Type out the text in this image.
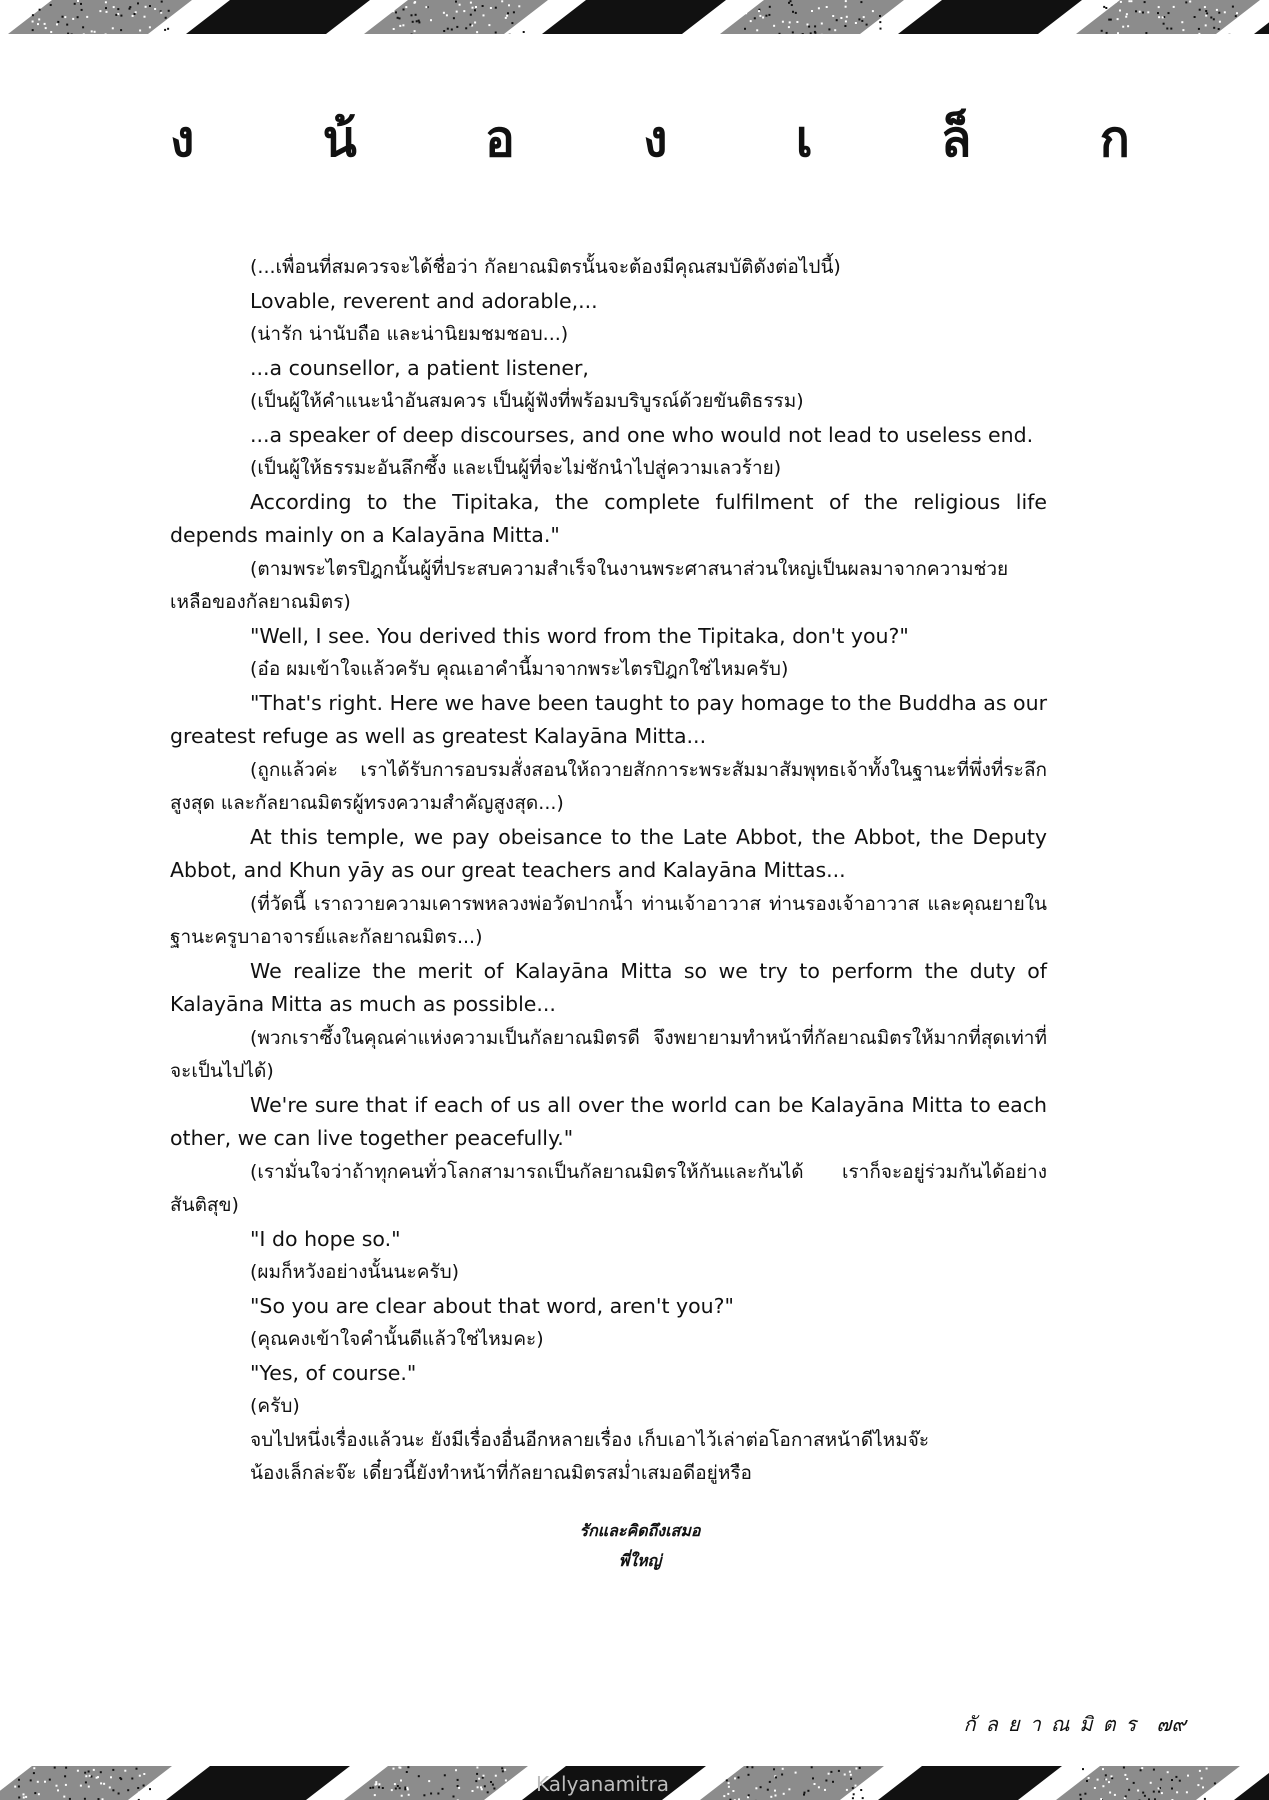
ง	น้	อ	ง	เ	ล็	ก

(...เพื่อนที่สมควรจะได้ชื่อว่า กัลยาณมิตรนั้นจะต้องมีคุณสมบัติดังต่อไปนี้)

Lovable, reverent and adorable,...

(น่ารัก น่านับถือ และน่านิยมชมชอบ...)

...a counsellor, a patient listener,

(เป็นผู้ให้คำแนะนำอันสมควร เป็นผู้ฟังที่พร้อมบริบูรณ์ด้วยขันติธรรม)

...a speaker of deep discourses, and one who would not lead to useless end.

(เป็นผู้ให้ธรรมะอันลึกซึ้ง และเป็นผู้ที่จะไม่ชักนำไปสู่ความเลวร้าย)

According to the Tipitaka, the complete fulfilment of the religious life depends mainly on a Kalayāna Mitta."

(ตามพระไตรปิฎกนั้นผู้ที่ประสบความสำเร็จในงานพระศาสนาส่วนใหญ่เป็นผลมาจากความช่วยเหลือของกัลยาณมิตร)

"Well, I see. You derived this word from the Tipitaka, don't you?"

(อ๋อ ผมเข้าใจแล้วครับ คุณเอาคำนี้มาจากพระไตรปิฎกใช่ไหมครับ)

"That's right. Here we have been taught to pay homage to the Buddha as our greatest refuge as well as greatest Kalayāna Mitta...

(ถูกแล้วค่ะ เราได้รับการอบรมสั่งสอนให้ถวายสักการะพระสัมมาสัมพุทธเจ้าทั้งในฐานะที่พึ่งที่ระลึกสูงสุด และกัลยาณมิตรผู้ทรงความสำคัญสูงสุด...)

At this temple, we pay obeisance to the Late Abbot, the Abbot, the Deputy Abbot, and Khun yāy as our great teachers and Kalayāna Mittas...

(ที่วัดนี้ เราถวายความเคารพหลวงพ่อวัดปากน้ำ ท่านเจ้าอาวาส ท่านรองเจ้าอาวาส และคุณยายในฐานะครูบาอาจารย์และกัลยาณมิตร...)

We realize the merit of Kalayāna Mitta so we try to perform the duty of Kalayāna Mitta as much as possible...

(พวกเราซึ้งในคุณค่าแห่งความเป็นกัลยาณมิตรดี จึงพยายามทำหน้าที่กัลยาณมิตรให้มากที่สุดเท่าที่จะเป็นไปได้)

We're sure that if each of us all over the world can be Kalayāna Mitta to each other, we can live together peacefully."

(เรามั่นใจว่าถ้าทุกคนทั่วโลกสามารถเป็นกัลยาณมิตรให้กันและกันได้ เราก็จะอยู่ร่วมกันได้อย่างสันติสุข)

"I do hope so."

(ผมก็หวังอย่างนั้นนะครับ)

"So you are clear about that word, aren't you?"

(คุณคงเข้าใจคำนั้นดีแล้วใช่ไหมคะ)

"Yes, of course."

(ครับ)

จบไปหนึ่งเรื่องแล้วนะ ยังมีเรื่องอื่นอีกหลายเรื่อง เก็บเอาไว้เล่าต่อโอกาสหน้าดีไหมจ๊ะ

น้องเล็กล่ะจ๊ะ เดี๋ยวนี้ยังทำหน้าที่กัลยาณมิตรสม่ำเสมอดีอยู่หรือ

รักและคิดถึงเสมอ
พี่ใหญ่
กัลยาณมิตร ๗๙
Kalyanamitra
